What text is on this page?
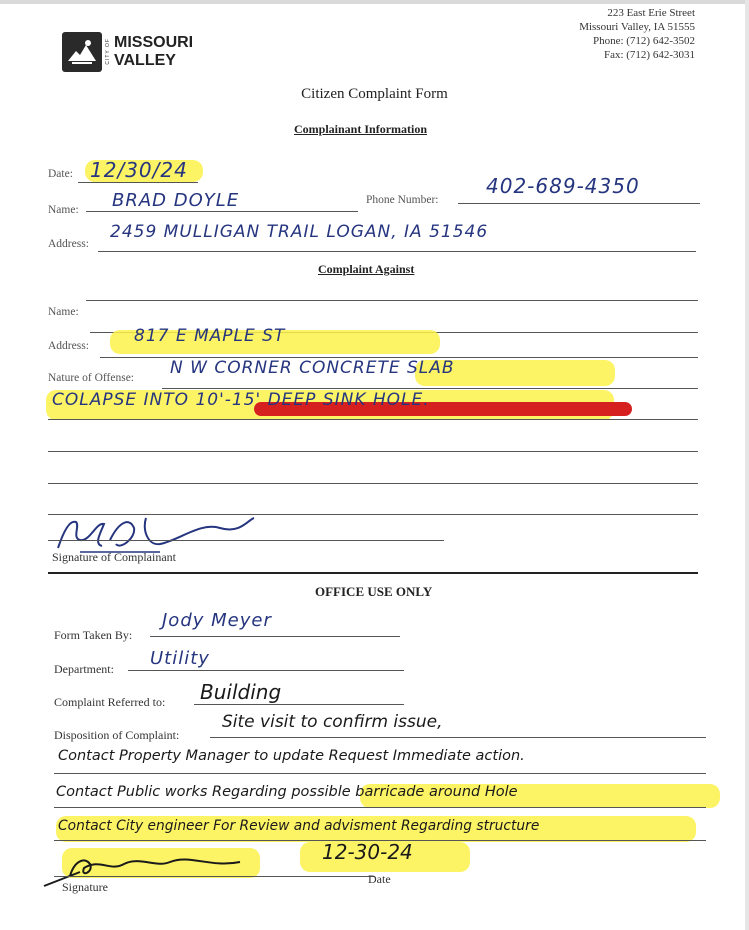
CITY OF MISSOURI
VALLEY
223 East Erie Street
Missouri Valley, IA 51555
Phone: (712) 642-3502
Fax: (712) 642-3031
Citizen Complaint Form
Complainant Information
Date: 12/30/24
Name: BRAD DOYLE	Phone Number:
402-689-4350
Address:
2459 MULLIGAN TRAIL LOGAN, IA 51546
Complaint Against
Name:
Address:	817 E MAPLE ST
Nature of Offense: N W CORNER CONCRETE SLAB
COLAPSE INTO 10'-15' DEEP SINK HOLE.
Signature of Complainant
OFFICE USE ONLY
Form Taken By:
Jody Meyer
Department: Utility
Complaint Referred to: Building
Disposition of Complaint:
Site visit to confirm issue,
Contact Property Manager to update Request Immediate action.
Contact Public works Regarding possible barricade around Hole
Contact City engineer For Review and advisment Regarding structure
12-30-24
Signature
Date
